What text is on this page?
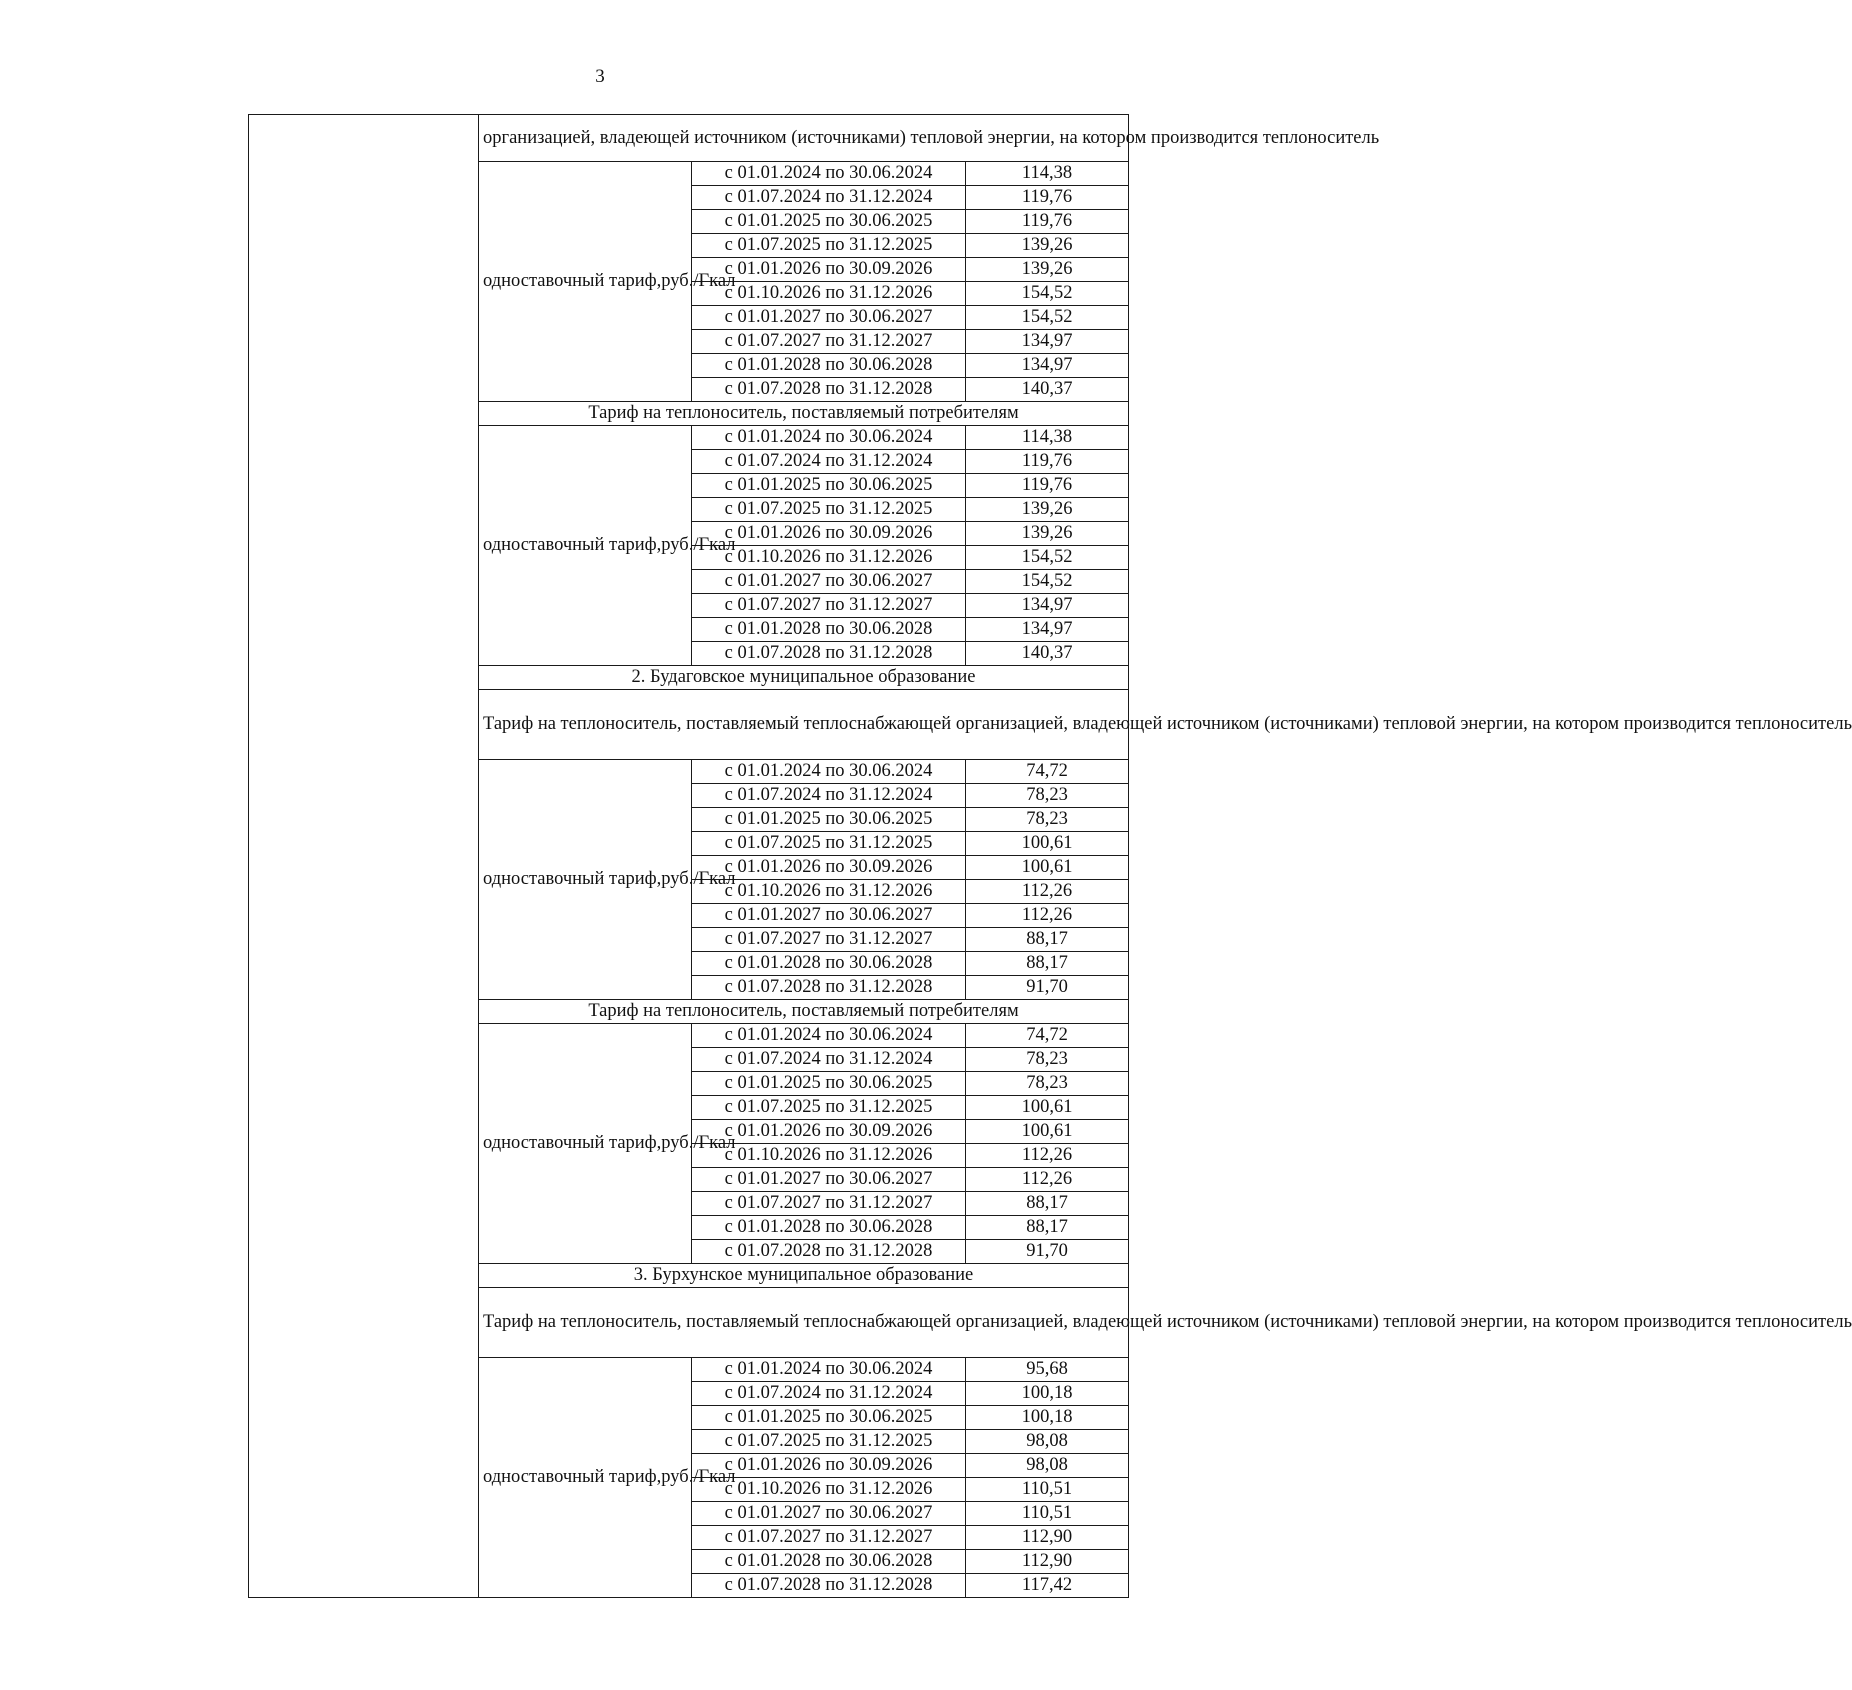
3
	организацией, владеющей источником (источниками) тепловой энергии, на котором производится теплоноситель		
	одноставочный тариф,руб./Гкал	с 01.01.2024 по 30.06.2024	114,38
		с 01.07.2024 по 31.12.2024	119,76
		с 01.01.2025 по 30.06.2025	119,76
		с 01.07.2025 по 31.12.2025	139,26
		с 01.01.2026 по 30.09.2026	139,26
		с 01.10.2026 по 31.12.2026	154,52
		с 01.01.2027 по 30.06.2027	154,52
		с 01.07.2027 по 31.12.2027	134,97
		с 01.01.2028 по 30.06.2028	134,97
		с 01.07.2028 по 31.12.2028	140,37
	Тариф на теплоноситель, поставляемый потребителям		
	одноставочный тариф,руб./Гкал	с 01.01.2024 по 30.06.2024	114,38
		с 01.07.2024 по 31.12.2024	119,76
		с 01.01.2025 по 30.06.2025	119,76
		с 01.07.2025 по 31.12.2025	139,26
		с 01.01.2026 по 30.09.2026	139,26
		с 01.10.2026 по 31.12.2026	154,52
		с 01.01.2027 по 30.06.2027	154,52
		с 01.07.2027 по 31.12.2027	134,97
		с 01.01.2028 по 30.06.2028	134,97
		с 01.07.2028 по 31.12.2028	140,37
	2. Будаговское муниципальное образование		
	Тариф на теплоноситель, поставляемый теплоснабжающей организацией, владеющей источником (источниками) тепловой энергии, на котором производится теплоноситель		
	одноставочный тариф,руб./Гкал	с 01.01.2024 по 30.06.2024	74,72
		с 01.07.2024 по 31.12.2024	78,23
		с 01.01.2025 по 30.06.2025	78,23
		с 01.07.2025 по 31.12.2025	100,61
		с 01.01.2026 по 30.09.2026	100,61
		с 01.10.2026 по 31.12.2026	112,26
		с 01.01.2027 по 30.06.2027	112,26
		с 01.07.2027 по 31.12.2027	88,17
		с 01.01.2028 по 30.06.2028	88,17
		с 01.07.2028 по 31.12.2028	91,70
	Тариф на теплоноситель, поставляемый потребителям		
	одноставочный тариф,руб./Гкал	с 01.01.2024 по 30.06.2024	74,72
		с 01.07.2024 по 31.12.2024	78,23
		с 01.01.2025 по 30.06.2025	78,23
		с 01.07.2025 по 31.12.2025	100,61
		с 01.01.2026 по 30.09.2026	100,61
		с 01.10.2026 по 31.12.2026	112,26
		с 01.01.2027 по 30.06.2027	112,26
		с 01.07.2027 по 31.12.2027	88,17
		с 01.01.2028 по 30.06.2028	88,17
		с 01.07.2028 по 31.12.2028	91,70
	3. Бурхунское муниципальное образование		
	Тариф на теплоноситель, поставляемый теплоснабжающей организацией, владеющей источником (источниками) тепловой энергии, на котором производится теплоноситель		
	одноставочный тариф,руб./Гкал	с 01.01.2024 по 30.06.2024	95,68
		с 01.07.2024 по 31.12.2024	100,18
		с 01.01.2025 по 30.06.2025	100,18
		с 01.07.2025 по 31.12.2025	98,08
		с 01.01.2026 по 30.09.2026	98,08
		с 01.10.2026 по 31.12.2026	110,51
		с 01.01.2027 по 30.06.2027	110,51
		с 01.07.2027 по 31.12.2027	112,90
		с 01.01.2028 по 30.06.2028	112,90
		с 01.07.2028 по 31.12.2028	117,42
